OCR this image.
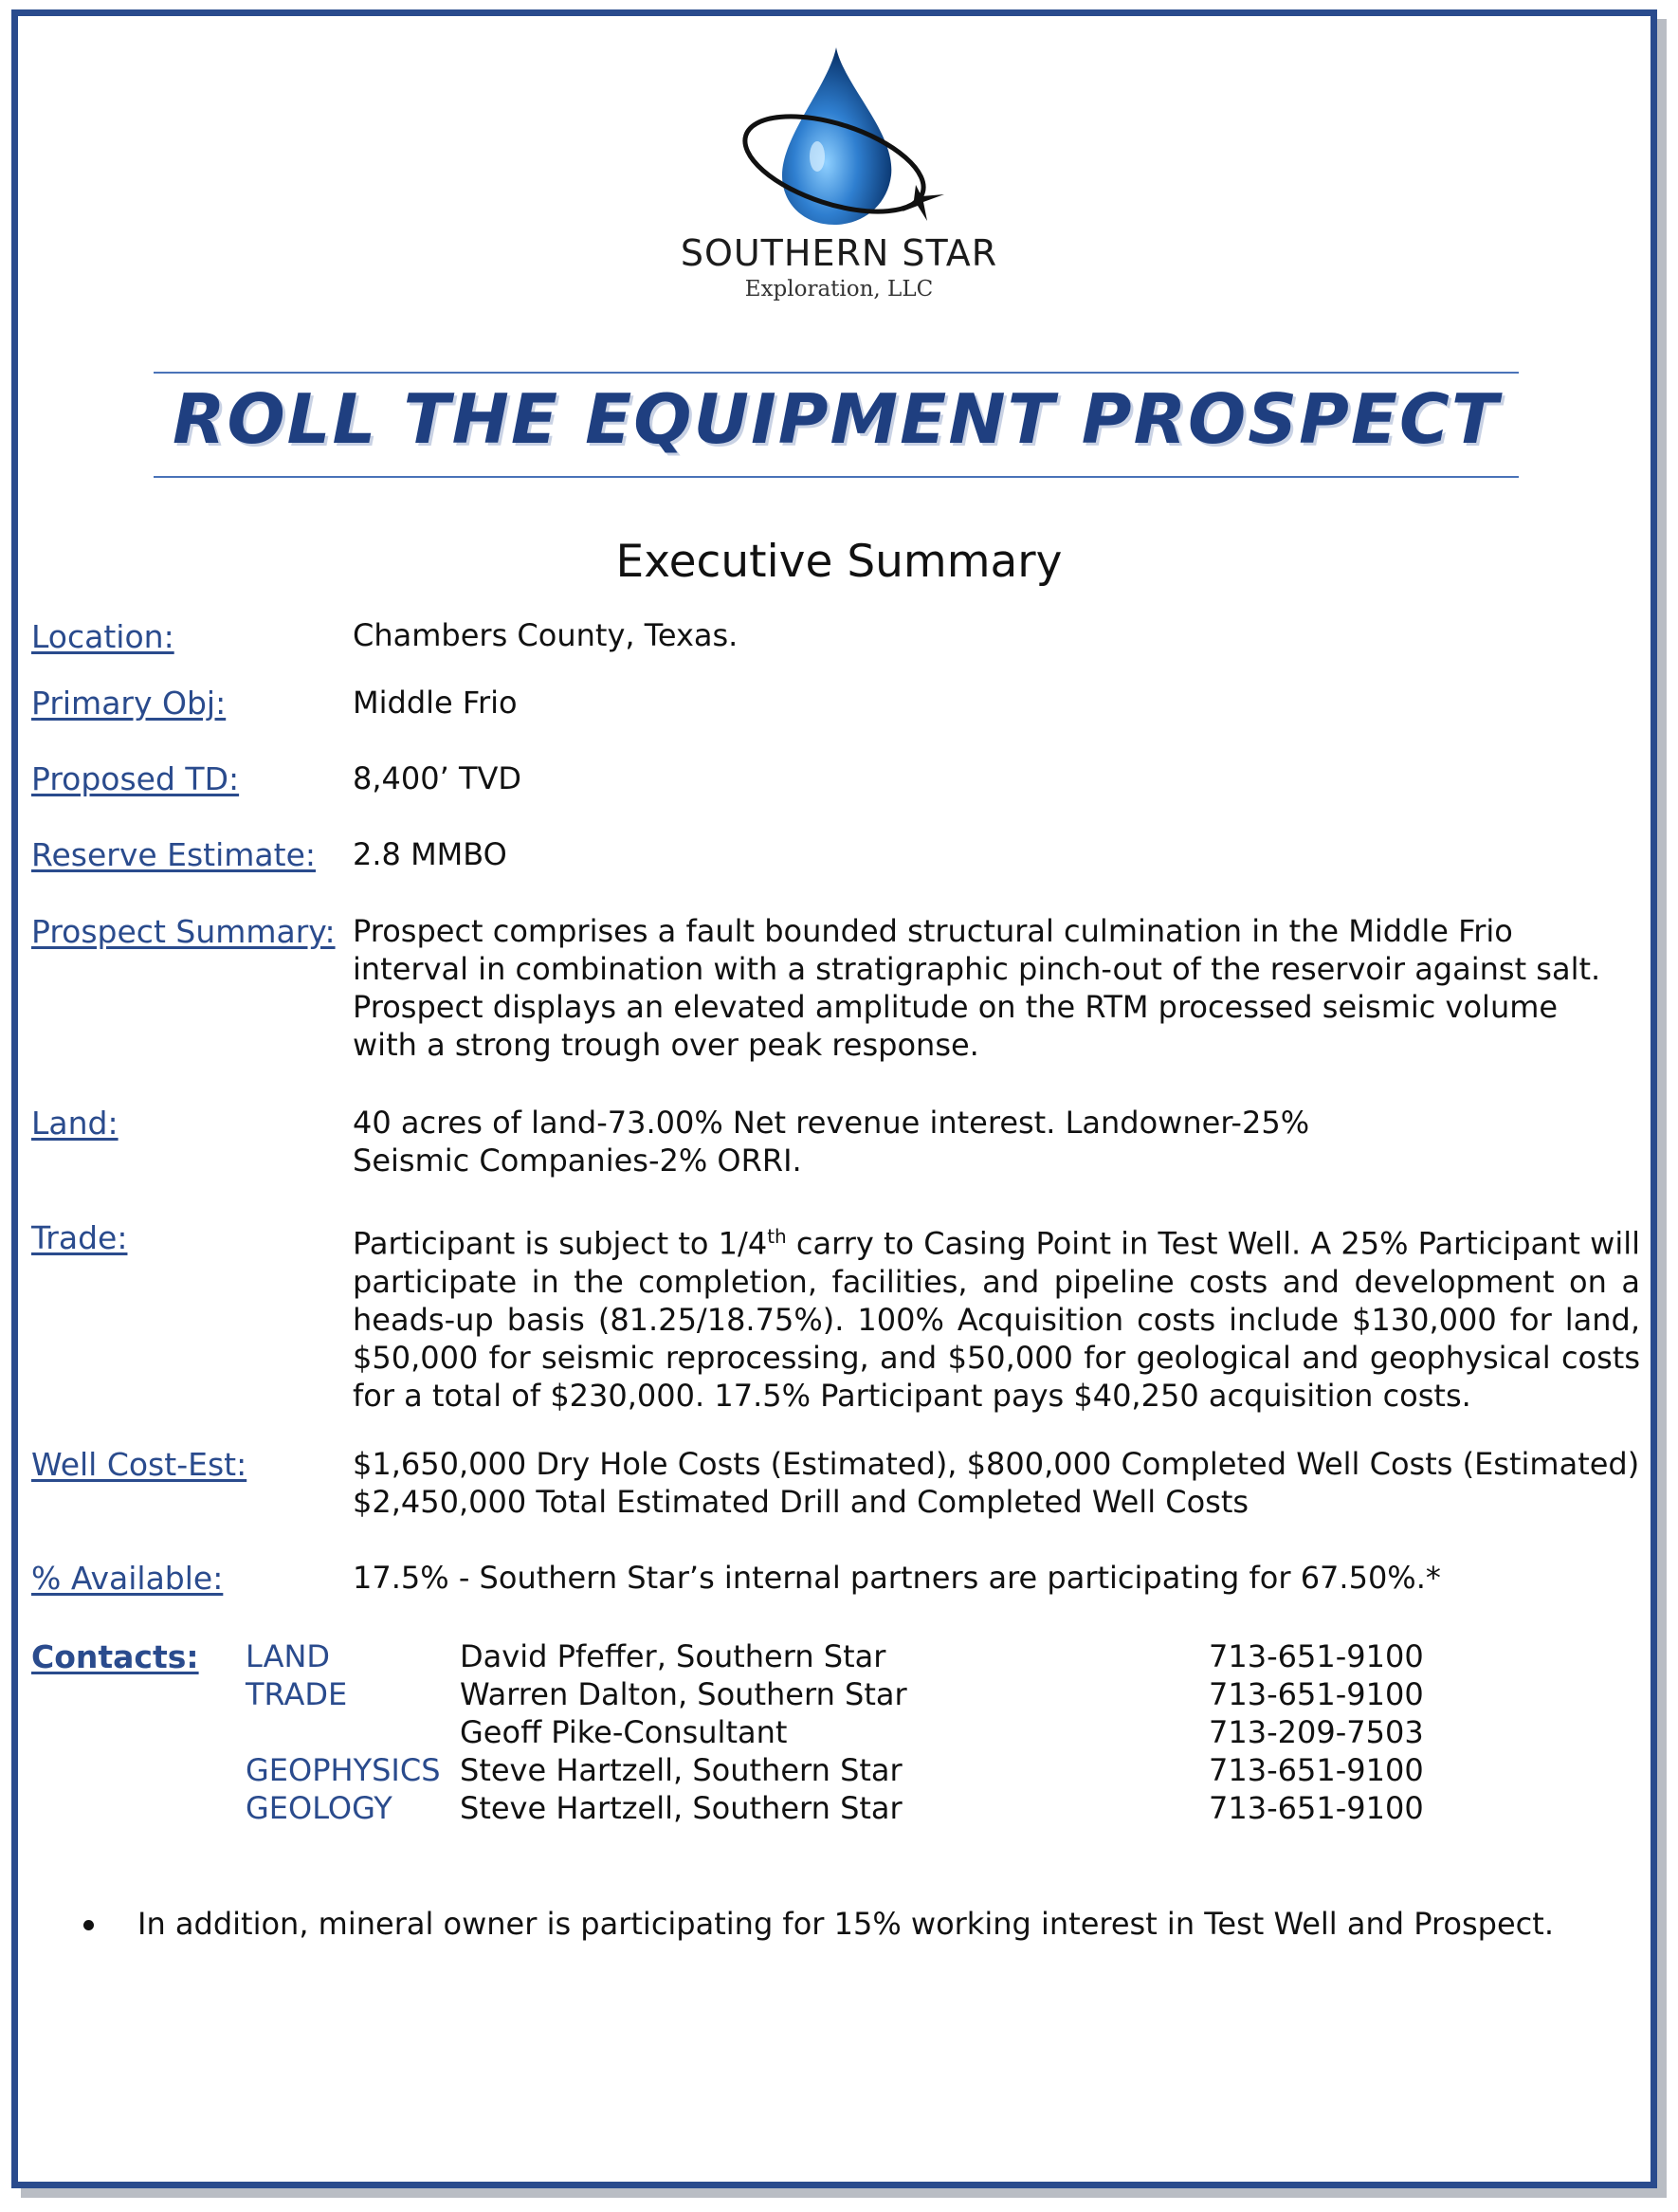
SOUTHERN STAR
Exploration, LLC
ROLL THE EQUIPMENT PROSPECT
Executive Summary
Location:	Chambers County, Texas.
Primary Obj:	Middle Frio
Proposed TD:	8,400’ TVD
Reserve Estimate: 2.8 MMBO
Prospect Summary: Prospect comprises a fault bounded structural culmination in the Middle Frio interval in combination with a stratigraphic pinch-out of the reservoir against salt. Prospect displays an elevated amplitude on the RTM processed seismic volume with a strong trough over peak response.
Land:	40 acres of land-73.00% Net revenue interest. Landowner-25%
Seismic Companies-2% ORRI.
Trade:	Participant is subject to 1/4th carry to Casing Point in Test Well. A 25% Participant will participate in the completion, facilities, and pipeline costs and development on a heads-up basis (81.25/18.75%). 100% Acquisition costs include $130,000 for land, $50,000 for seismic reprocessing, and $50,000 for geological and geophysical costs for a total of $230,000. 17.5% Participant pays $40,250 acquisition costs.
Well Cost-Est:	$1,650,000 Dry Hole Costs (Estimated), $800,000 Completed Well Costs (Estimated)
$2,450,000 Total Estimated Drill and Completed Well Costs
% Available:	17.5% - Southern Star’s internal partners are participating for 67.50%.*
Contacts: LAND	David Pfeffer, Southern Star	713-651-9100
TRADE	Warren Dalton, Southern Star	713-651-9100
Geoff Pike-Consultant	713-209-7503
GEOPHYSICS Steve Hartzell, Southern Star	713-651-9100
GEOLOGY Steve Hartzell, Southern Star	713-651-9100
In addition, mineral owner is participating for 15% working interest in Test Well and Prospect.
